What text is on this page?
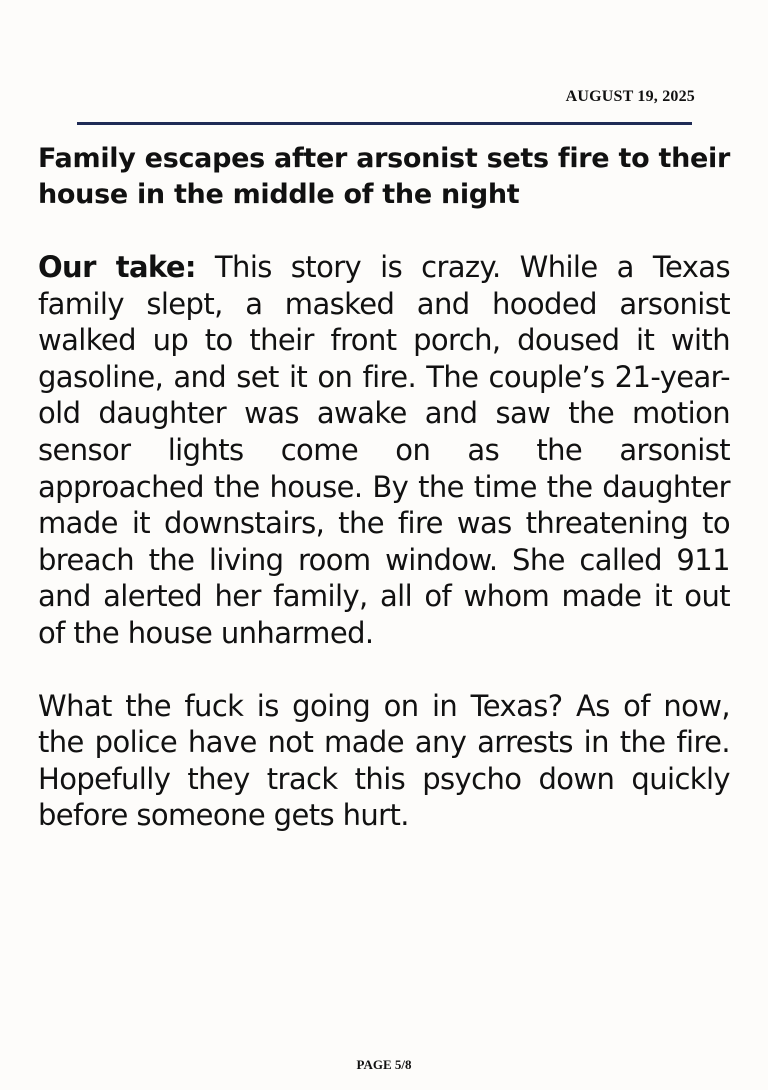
AUGUST 19, 2025
Family escapes after arsonist sets fire to their house in the middle of the night

Our take: This story is crazy. While a Texas family slept, a masked and hooded arsonist walked up to their front porch, doused it with gasoline, and set it on fire. The couple’s 21-year-old daughter was awake and saw the motion sensor lights come on as the arsonist approached the house. By the time the daughter made it downstairs, the fire was threatening to breach the living room window. She called 911 and alerted her family, all of whom made it out of the house unharmed.

What the fuck is going on in Texas? As of now, the police have not made any arrests in the fire. Hopefully they track this psycho down quickly before someone gets hurt.

PAGE 5/8
